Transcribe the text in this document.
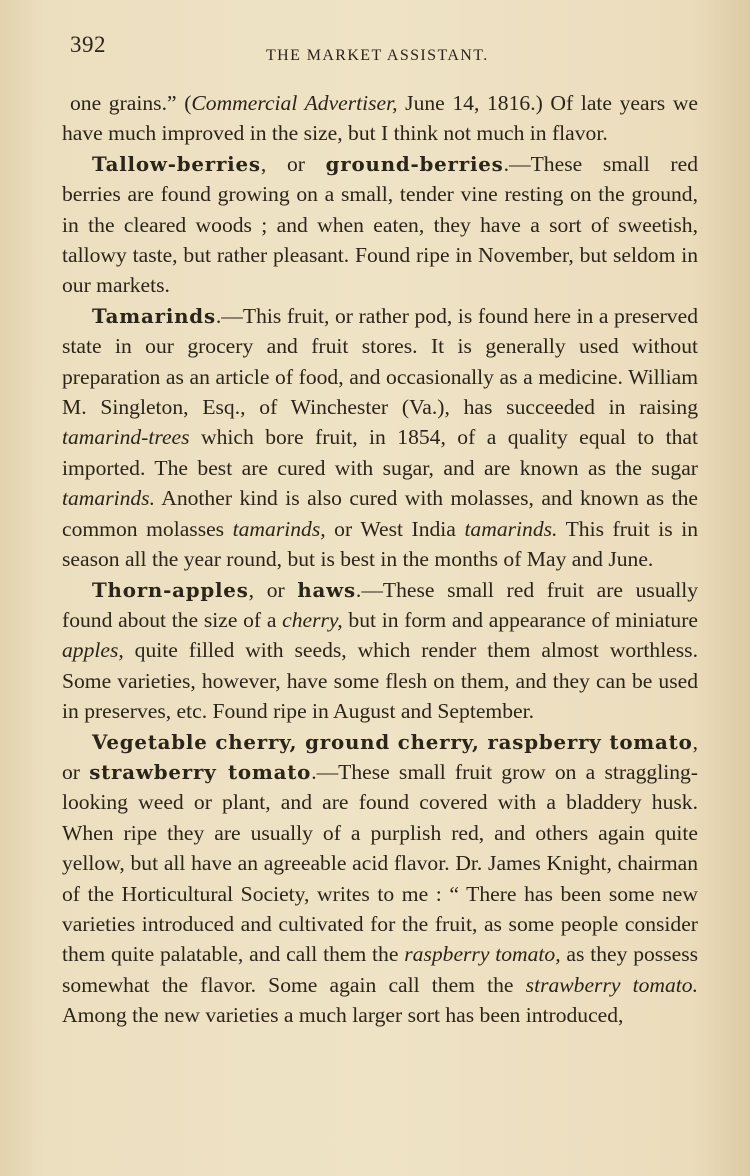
392	THE MARKET ASSISTANT.

one grains.” (Commercial Advertiser, June 14, 1816.) Of late years we have much improved in the size, but I think not much in flavor.

Tallow-berries, or ground-berries.—These small red berries are found growing on a small, tender vine resting on the ground, in the cleared woods ; and when eaten, they have a sort of sweetish, tallowy taste, but rather pleasant. Found ripe in November, but seldom in our markets.

Tamarinds.—This fruit, or rather pod, is found here in a preserved state in our grocery and fruit stores. It is generally used without preparation as an article of food, and occasionally as a medicine. William M. Singleton, Esq., of Winchester (Va.), has succeeded in raising tamarind-trees which bore fruit, in 1854, of a quality equal to that imported. The best are cured with sugar, and are known as the sugar tamarinds. Another kind is also cured with molasses, and known as the common molasses tamarinds, or West India tamarinds. This fruit is in season all the year round, but is best in the months of May and June.

Thorn-apples, or haws.—These small red fruit are usually found about the size of a cherry, but in form and appearance of miniature apples, quite filled with seeds, which render them almost worthless. Some varieties, however, have some flesh on them, and they can be used in preserves, etc. Found ripe in August and September.

Vegetable cherry, ground cherry, raspberry tomato, or strawberry tomato.—These small fruit grow on a straggling-looking weed or plant, and are found covered with a bladdery husk. When ripe they are usually of a purplish red, and others again quite yellow, but all have an agreeable acid flavor. Dr. James Knight, chairman of the Horticultural Society, writes to me : “ There has been some new varieties introduced and cultivated for the fruit, as some people consider them quite palatable, and call them the raspberry tomato, as they possess somewhat the flavor. Some again call them the strawberry tomato. Among the new varieties a much larger sort has been introduced,
